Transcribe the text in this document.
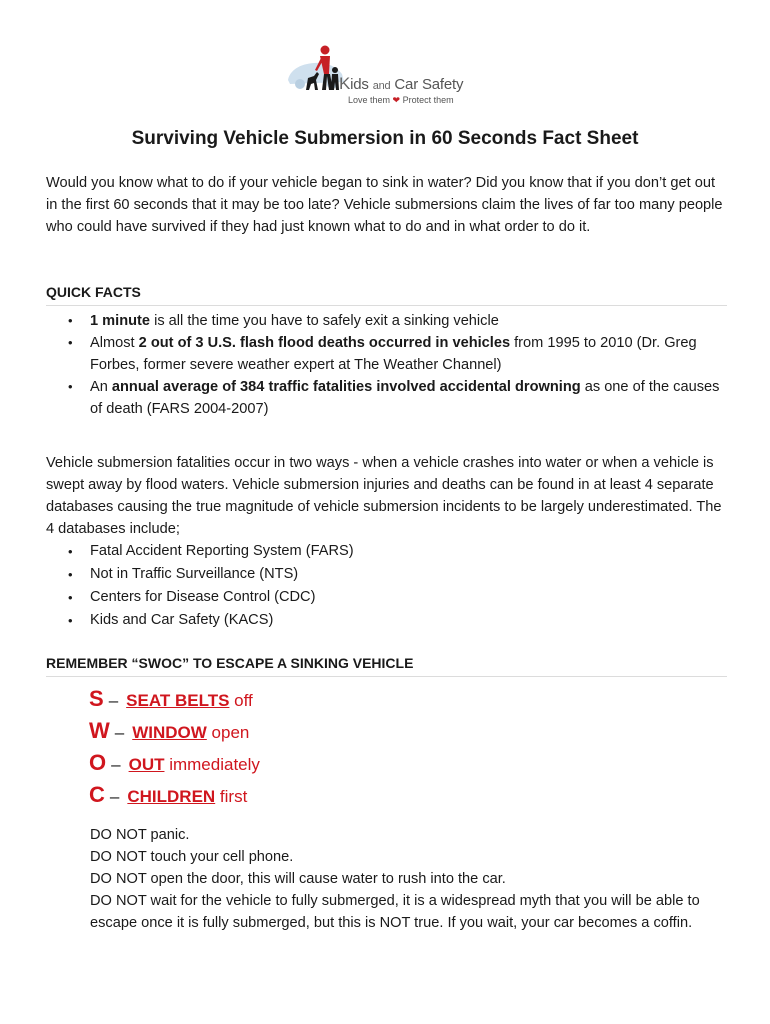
Kids and Car Safety
Love them ❤ Protect them
Surviving Vehicle Submersion in 60 Seconds Fact Sheet

Would you know what to do if your vehicle began to sink in water? Did you know that if you don’t get out in the first 60 seconds that it may be too late? Vehicle submersions claim the lives of far too many people who could have survived if they had just known what to do and in what order to do it.

QUICK FACTS
• 1 minute is all the time you have to safely exit a sinking vehicle
• Almost 2 out of 3 U.S. flash flood deaths occurred in vehicles from 1995 to 2010 (Dr. Greg Forbes, former severe weather expert at The Weather Channel)
• An annual average of 384 traffic fatalities involved accidental drowning as one of the causes of death (FARS 2004-2007)

Vehicle submersion fatalities occur in two ways - when a vehicle crashes into water or when a vehicle is swept away by flood waters. Vehicle submersion injuries and deaths can be found in at least 4 separate databases causing the true magnitude of vehicle submersion incidents to be largely underestimated. The 4 databases include;

• Fatal Accident Reporting System (FARS)
• Not in Traffic Surveillance (NTS)
• Centers for Disease Control (CDC)
• Kids and Car Safety (KACS)
REMEMBER “SWOC” TO ESCAPE A SINKING VEHICLE
S – SEAT BELTS off
W – WINDOW open
O – OUT immediately
C – CHILDREN first
DO NOT panic.
DO NOT touch your cell phone.
DO NOT open the door, this will cause water to rush into the car.
DO NOT wait for the vehicle to fully submerged, it is a widespread myth that you will be able to escape once it is fully submerged, but this is NOT true. If you wait, your car becomes a coffin.
